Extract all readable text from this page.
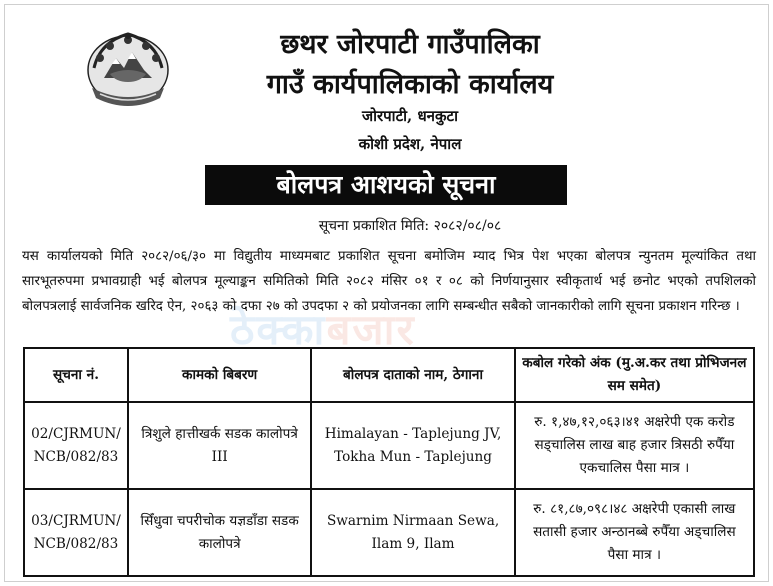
छथर जोरपाटी गाउँपालिका
गाउँ कार्यपालिकाको कार्यालय
जोरपाटी, धनकुटा
कोशी प्रदेश, नेपाल
बोलपत्र आशयको सूचना
सूचना प्रकाशित मिति: २०८२/०८/०८
ठेक्काबजार

यस कार्यालयको मिति २०८२/०६/३० मा विद्युतीय माध्यमबाट प्रकाशित सूचना बमोजिम म्याद भित्र पेश भएका बोलपत्र न्युनतम मूल्यांकित तथा सारभूतरुपमा प्रभावग्राही भई बोलपत्र मूल्याङ्कन समितिको मिति २०८२ मंसिर ०१ र ०८ को निर्णयानुसार स्वीकृतार्थ भई छनोट भएको तपशिलको बोलपत्रलाई सार्वजनिक खरिद ऐन, २०६३ को दफा २७ को उपदफा २ को प्रयोजनका लागि सम्बन्धीत सबैको जानकारीको लागि सूचना प्रकाशन गरिन्छ ।

सूचना नं.	कामको बिबरण	बोलपत्र दाताको नाम, ठेगाना	कबोल गरेको अंक (मु.अ.कर तथा प्रोभिजनल सम समेत)
02/CJRMUN/ NCB/082/83	त्रिशुले हात्तीखर्क सडक कालोपत्रे III	Himalayan - Taplejung JV, Tokha Mun - Taplejung	रु. १,४७,१२,०६३।४१ अक्षरेपी एक करोड सड्चालिस लाख बाह हजार त्रिसठी रुपैँया एकचालिस पैसा मात्र ।
03/CJRMUN/ NCB/082/83	सिँधुवा चपरीचोक यज्ञडाँडा सडक कालोपत्रे	Swarnim Nirmaan Sewa, Ilam 9, Ilam	रु. ८१,८७,०९८।४८ अक्षरेपी एकासी लाख सतासी हजार अन्ठानब्बे रुपैँया अड्चालिस पैसा मात्र ।
